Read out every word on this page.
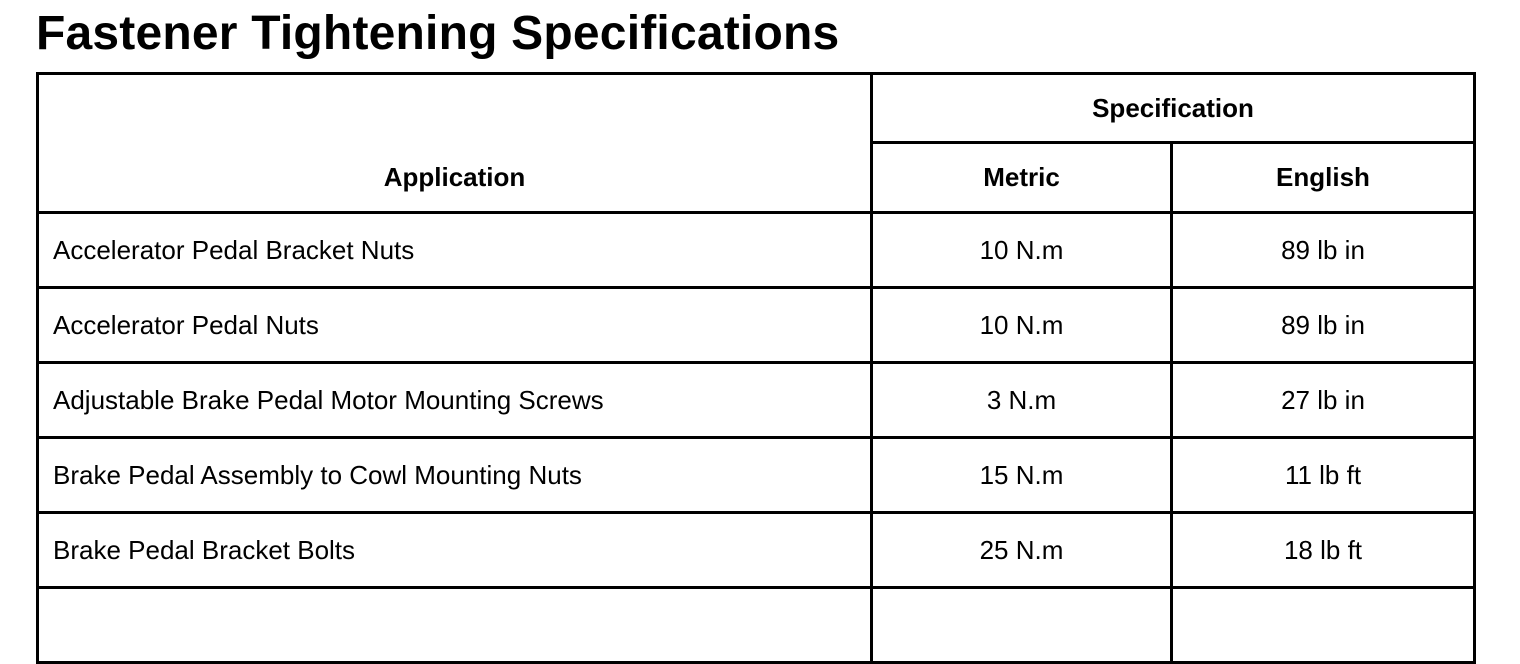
Fastener Tightening Specifications
Application	Specification	
	Metric	English
Accelerator Pedal Bracket Nuts	10 N.m	89 lb in
Accelerator Pedal Nuts	10 N.m	89 lb in
Adjustable Brake Pedal Motor Mounting Screws	3 N.m	27 lb in
Brake Pedal Assembly to Cowl Mounting Nuts	15 N.m	11 lb ft
Brake Pedal Bracket Bolts	25 N.m	18 lb ft
